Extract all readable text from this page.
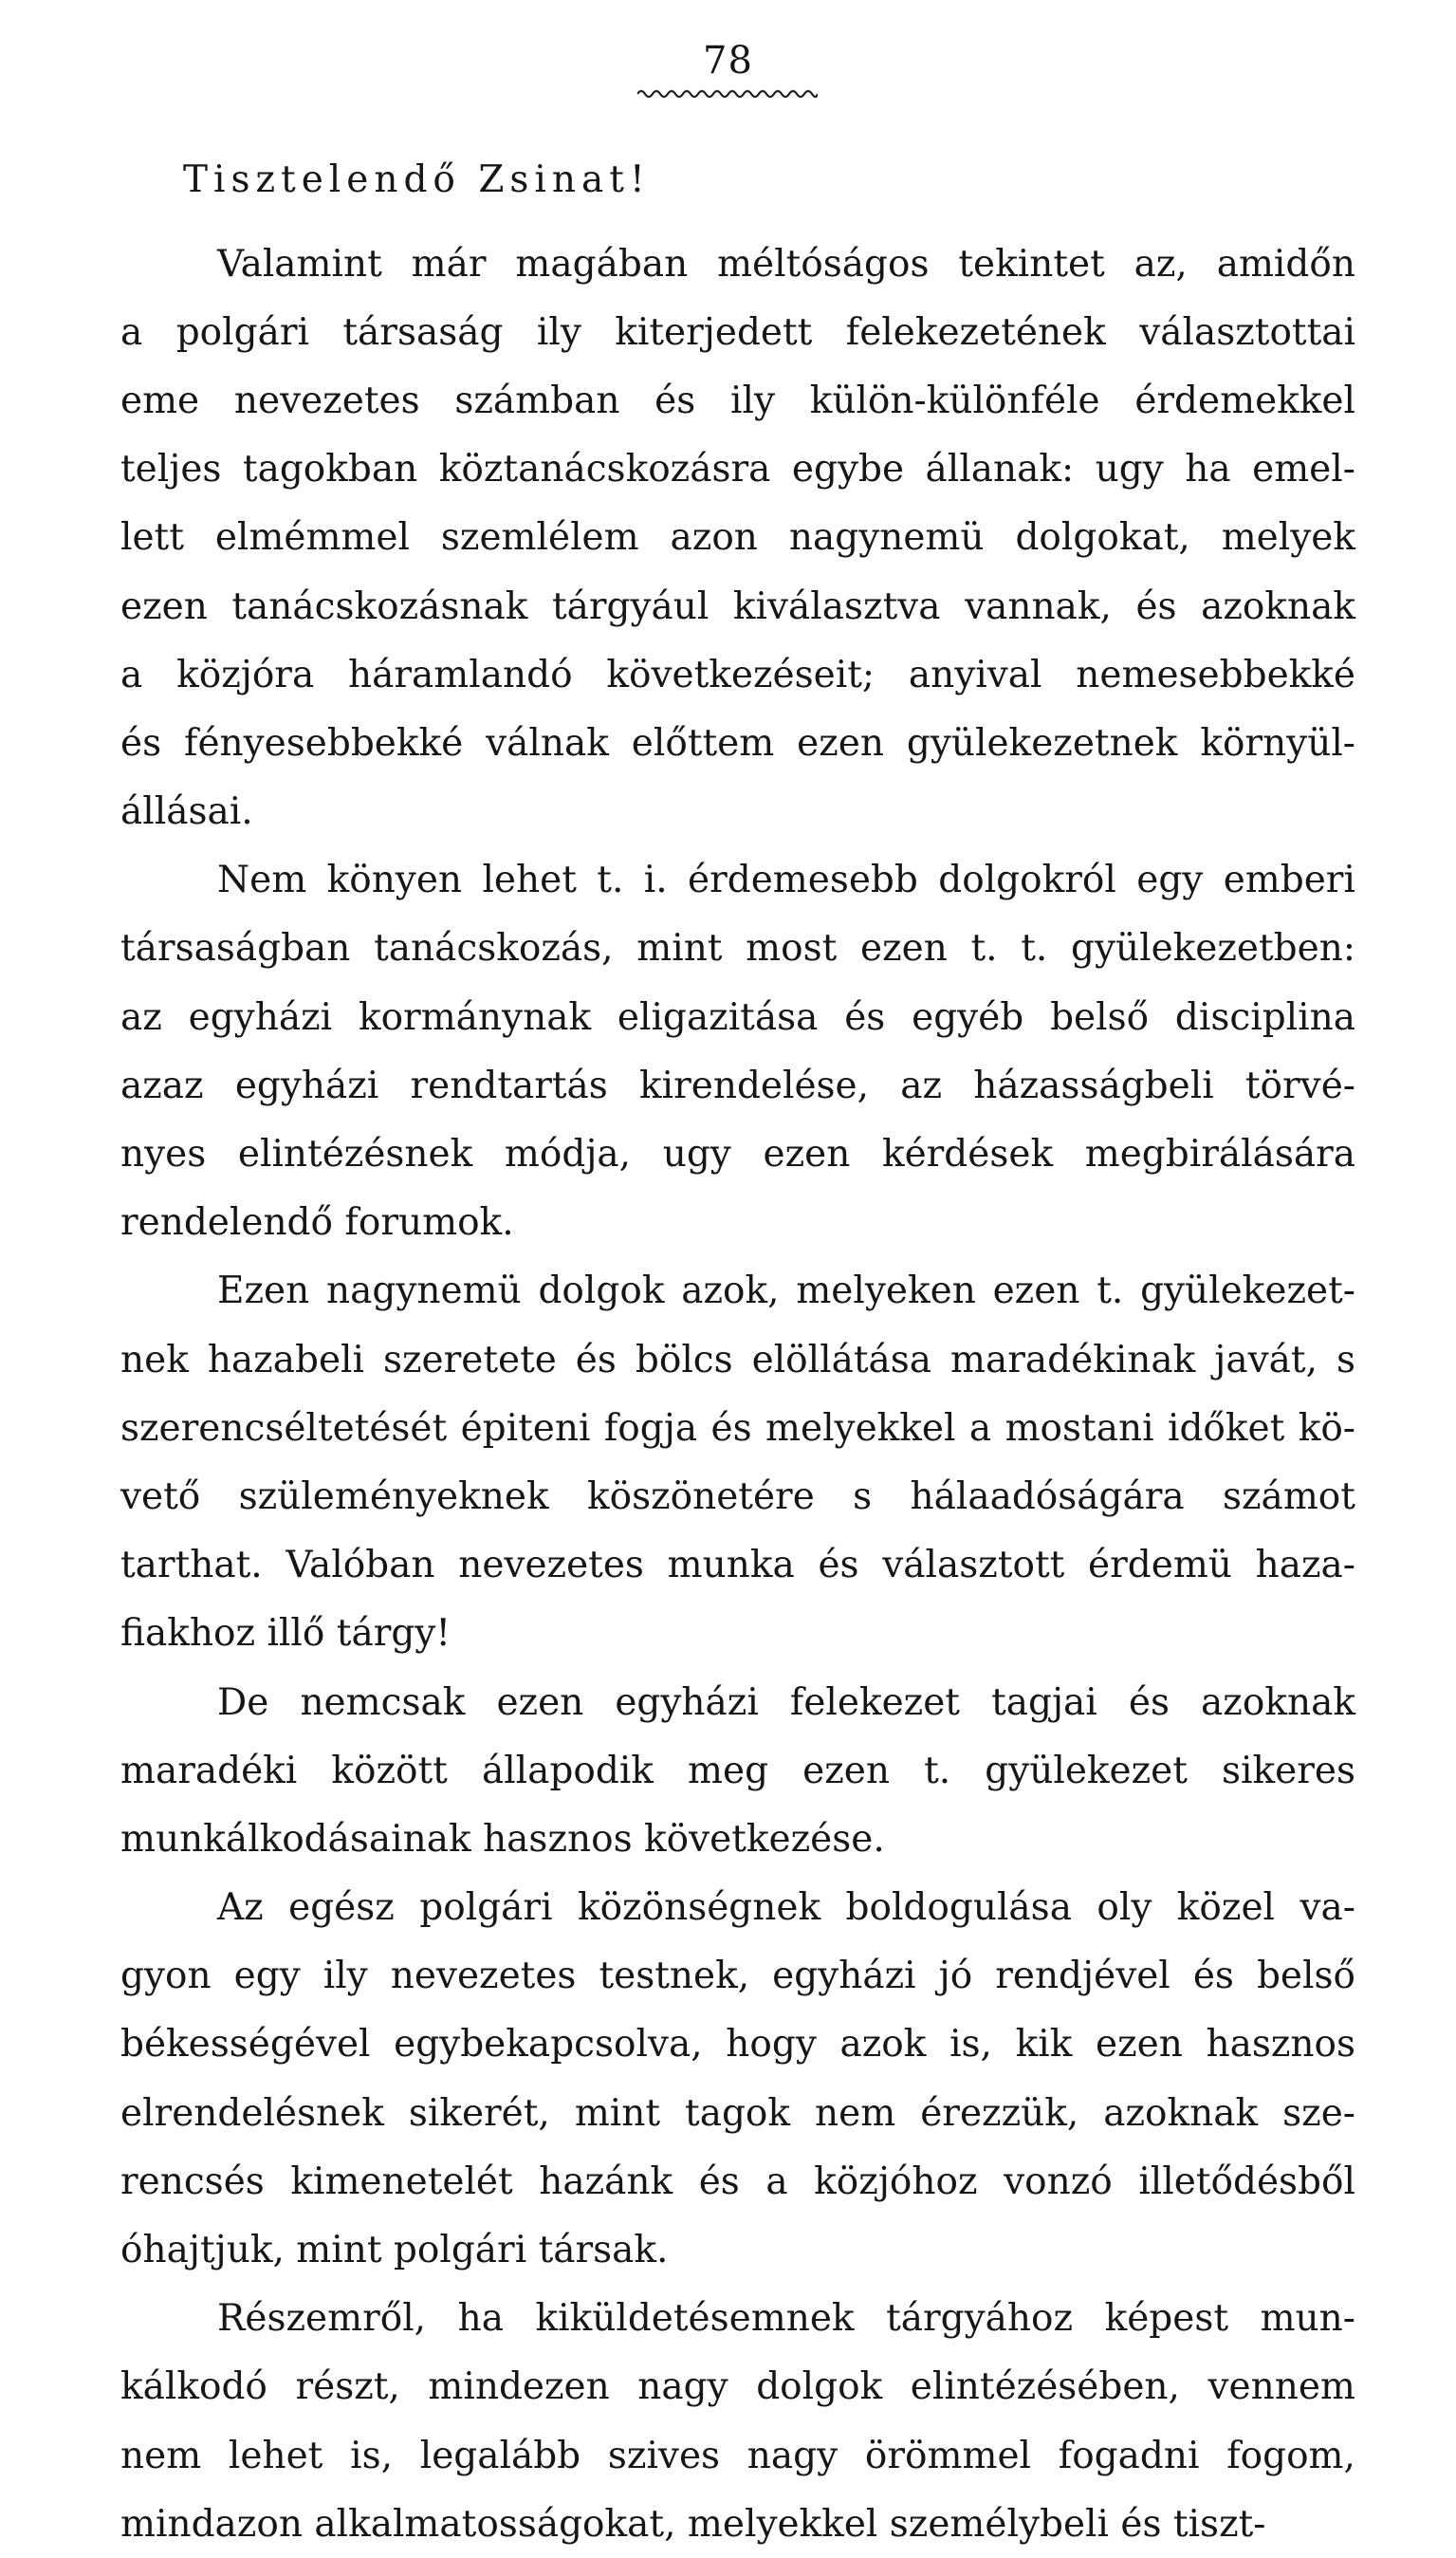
78
Tisztelendő Zsinat!
Valamint már magában méltóságos tekintet az, amidőn
a polgári társaság ily kiterjedett felekezetének választottai
eme nevezetes számban és ily külön-különféle érdemekkel
teljes tagokban köztanácskozásra egybe állanak: ugy ha emel-
lett elmémmel szemlélem azon nagynemü dolgokat, melyek
ezen tanácskozásnak tárgyául kiválasztva vannak, és azoknak
a közjóra háramlandó következéseit; anyival nemesebbekké
és fényesebbekké válnak előttem ezen gyülekezetnek környül-
állásai.
Nem könyen lehet t. i. érdemesebb dolgokról egy emberi
társaságban tanácskozás, mint most ezen t. t. gyülekezetben:
az egyházi kormánynak eligazitása és egyéb belső disciplina
azaz egyházi rendtartás kirendelése, az házasságbeli törvé-
nyes elintézésnek módja, ugy ezen kérdések megbirálására
rendelendő
forumok.
Ezen nagynemü dolgok azok, melyeken ezen t. gyülekezet-
nek hazabeli szeretete és bölcs elöllátása maradékinak javát, s
szerencséltetését épiteni fogja és melyekkel a mostani időket kö-
vető szüleményeknek köszönetére s hálaadóságára számot
tarthat. Valóban nevezetes munka és választott érdemü haza-
fiakhoz
illő
tárgy!
De nemcsak ezen egyházi felekezet tagjai és azoknak
maradéki között állapodik meg ezen t. gyülekezet sikeres
munkálkodásainak
hasznos
következése.
Az egész polgári közönségnek boldogulása oly közel va-
gyon egy ily nevezetes testnek, egyházi jó rendjével és belső
békességével egybekapcsolva, hogy azok is, kik ezen hasznos
elrendelésnek sikerét, mint tagok nem érezzük, azoknak sze-
rencsés kimenetelét hazánk és a közjóhoz vonzó illetődésből
óhajtjuk,
mint
polgári
társak.
Részemről, ha kiküldetésemnek tárgyához képest mun-
kálkodó részt, mindezen nagy dolgok elintézésében, vennem
nem lehet is, legalább szives nagy örömmel fogadni fogom,
mindazon
alkalmatosságokat,
melyekkel
személybeli
és
tiszt-
